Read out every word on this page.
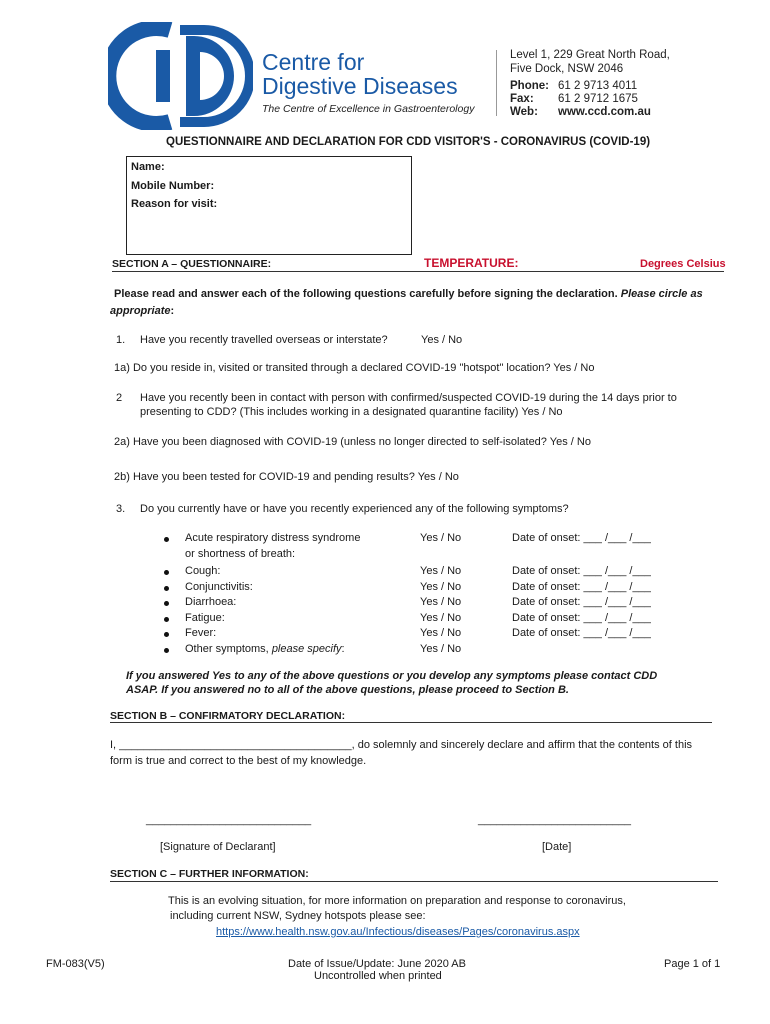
Centre for
Digestive Diseases
The Centre of Excellence in Gastroenterology
Level 1, 229 Great North Road,
Five Dock, NSW 2046
Phone: 61 2 9713 4011
Fax: 61 2 9712 1675
Web: www.ccd.com.au
QUESTIONNAIRE AND DECLARATION FOR CDD VISITOR'S - CORONAVIRUS (COVID-19)
Name:
Mobile Number:
Reason for visit:
SECTION A – QUESTIONNAIRE:	TEMPERATURE:	Degrees Celsius
Please read and answer each of the following questions carefully before signing the declaration. Please circle as
appropriate:
1. Have you recently travelled overseas or interstate?	Yes / No
1a) Do you reside in, visited or transited through a declared COVID-19 "hotspot" location? Yes / No
2 Have you recently been in contact with person with confirmed/suspected COVID-19 during the 14 days prior to
presenting to CDD? (This includes working in a designated quarantine facility) Yes / No
2a) Have you been diagnosed with COVID-19 (unless no longer directed to self-isolated? Yes / No
2b) Have you been tested for COVID-19 and pending results? Yes / No
3. Do you currently have or have you recently experienced any of the following symptoms?
Acute respiratory distress syndrome	Yes / No	Date of onset: ___ /___ /___
or shortness of breath:
Cough:	Yes / No	Date of onset: ___ /___ /___
Conjunctivitis:	Yes / No	Date of onset: ___ /___ /___
Diarrhoea:	Yes / No	Date of onset: ___ /___ /___
Fatigue:	Yes / No	Date of onset: ___ /___ /___
Fever:	Yes / No	Date of onset: ___ /___ /___
Other symptoms, please specify:	Yes / No
If you answered Yes to any of the above questions or you develop any symptoms please contact CDD
ASAP. If you answered no to all of the above questions, please proceed to Section B.
SECTION B – CONFIRMATORY DECLARATION:
I, ______________________________________, do solemnly and sincerely declare and affirm that the contents of this
form is true and correct to the best of my knowledge.
___________________________	_________________________
[Signature of Declarant]	[Date]
SECTION C – FURTHER INFORMATION:
This is an evolving situation, for more information on preparation and response to coronavirus,
including current NSW, Sydney hotspots please see:
https://www.health.nsw.gov.au/Infectious/diseases/Pages/coronavirus.aspx
FM-083(V5)	Date of Issue/Update: June 2020 AB
Uncontrolled when printed
Page 1 of 1
